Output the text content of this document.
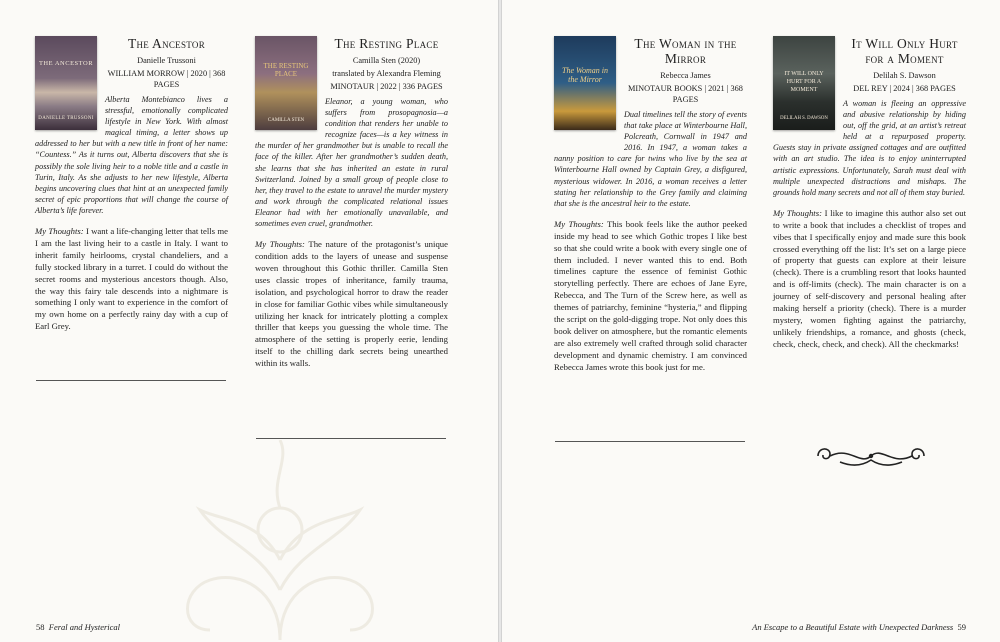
THE ANCESTOR
DANIELLE TRUSSONI
The Ancestor
Danielle Trussoni
WILLIAM MORROW | 2020 | 368 PAGES
Alberta Montebianco lives a stressful, emotionally complicated lifestyle in New York. With almost magical timing, a letter shows up addressed to her but with a new title in front of her name: “Countess.” As it turns out, Alberta discovers that she is possibly the sole living heir to a noble title and a castle in Turin, Italy. As she adjusts to her new lifestyle, Alberta begins uncovering clues that hint at an unexpected family secret of epic proportions that will change the course of Alberta’s life forever.
My Thoughts: I want a life-changing letter that tells me I am the last living heir to a castle in Italy. I want to inherit family heirlooms, crystal chandeliers, and a fully stocked library in a turret. I could do without the secret rooms and mysterious ancestors though. Also, the way this fairy tale descends into a nightmare is something I only want to experience in the comfort of my own home on a perfectly rainy day with a cup of Earl Grey.
THE RESTING PLACE
CAMILLA STEN
The Resting Place
Camilla Sten (2020)
translated by Alexandra Fleming
MINOTAUR | 2022 | 336 PAGES
Eleanor, a young woman, who suffers from prosopagnosia—a condition that renders her unable to recognize faces—is a key witness in the murder of her grandmother but is unable to recall the face of the killer. After her grandmother’s sudden death, she learns that she has inherited an estate in rural Switzerland. Joined by a small group of people close to her, they travel to the estate to unravel the murder mystery and work through the complicated relational issues Eleanor had with her emotionally unavailable, and sometimes even cruel, grandmother.
My Thoughts: The nature of the protagonist’s unique condition adds to the layers of unease and suspense woven throughout this Gothic thriller. Camilla Sten uses classic tropes of inheritance, family trauma, isolation, and psychological horror to draw the reader in close for familiar Gothic vibes while simultaneously utilizing her knack for intricately plotting a complex thriller that keeps you guessing the whole time. The atmosphere of the setting is properly eerie, lending itself to the chilling dark secrets being unearthed within its walls.
58 Feral and Hysterical
The Woman in the Mirror
The Woman in the Mirror
Rebecca James
MINOTAUR BOOKS | 2021 | 368 PAGES
Dual timelines tell the story of events that take place at Winterbourne Hall, Polcreath, Cornwall in 1947 and 2016. In 1947, a woman takes a nanny position to care for twins who live by the sea at Winterbourne Hall owned by Captain Grey, a disfigured, mysterious widower. In 2016, a woman receives a letter stating her relationship to the Grey family and claiming that she is the ancestral heir to the estate.
My Thoughts: This book feels like the author peeked inside my head to see which Gothic tropes I like best so that she could write a book with every single one of them included. I never wanted this to end. Both timelines capture the essence of feminist Gothic storytelling perfectly. There are echoes of Jane Eyre, Rebecca, and The Turn of the Screw here, as well as themes of patriarchy, feminine “hysteria,” and flipping the script on the gold-digging trope. Not only does this book deliver on atmosphere, but the romantic elements are also extremely well crafted through solid character development and dynamic chemistry. I am convinced Rebecca James wrote this book just for me.
IT WILL ONLY HURT FOR A MOMENT
DELILAH S. DAWSON
It Will Only Hurt for a Moment
Delilah S. Dawson
DEL REY | 2024 | 368 PAGES
A woman is fleeing an oppressive and abusive relationship by hiding out, off the grid, at an artist’s retreat held at a repurposed property. Guests stay in private assigned cottages and are outfitted with an art studio. The idea is to enjoy uninterrupted artistic expressions. Unfortunately, Sarah must deal with multiple unexpected distractions and mishaps. The grounds hold many secrets and not all of them stay buried.
My Thoughts: I like to imagine this author also set out to write a book that includes a checklist of tropes and vibes that I specifically enjoy and made sure this book crossed everything off the list: It’s set on a large piece of property that guests can explore at their leisure (check). There is a crumbling resort that looks haunted and is off-limits (check). The main character is on a journey of self-discovery and personal healing after making herself a priority (check). There is a murder mystery, women fighting against the patriarchy, unlikely friendships, a romance, and ghosts (check, check, check, check, and check). All the checkmarks!
An Escape to a Beautiful Estate with Unexpected Darkness 59
